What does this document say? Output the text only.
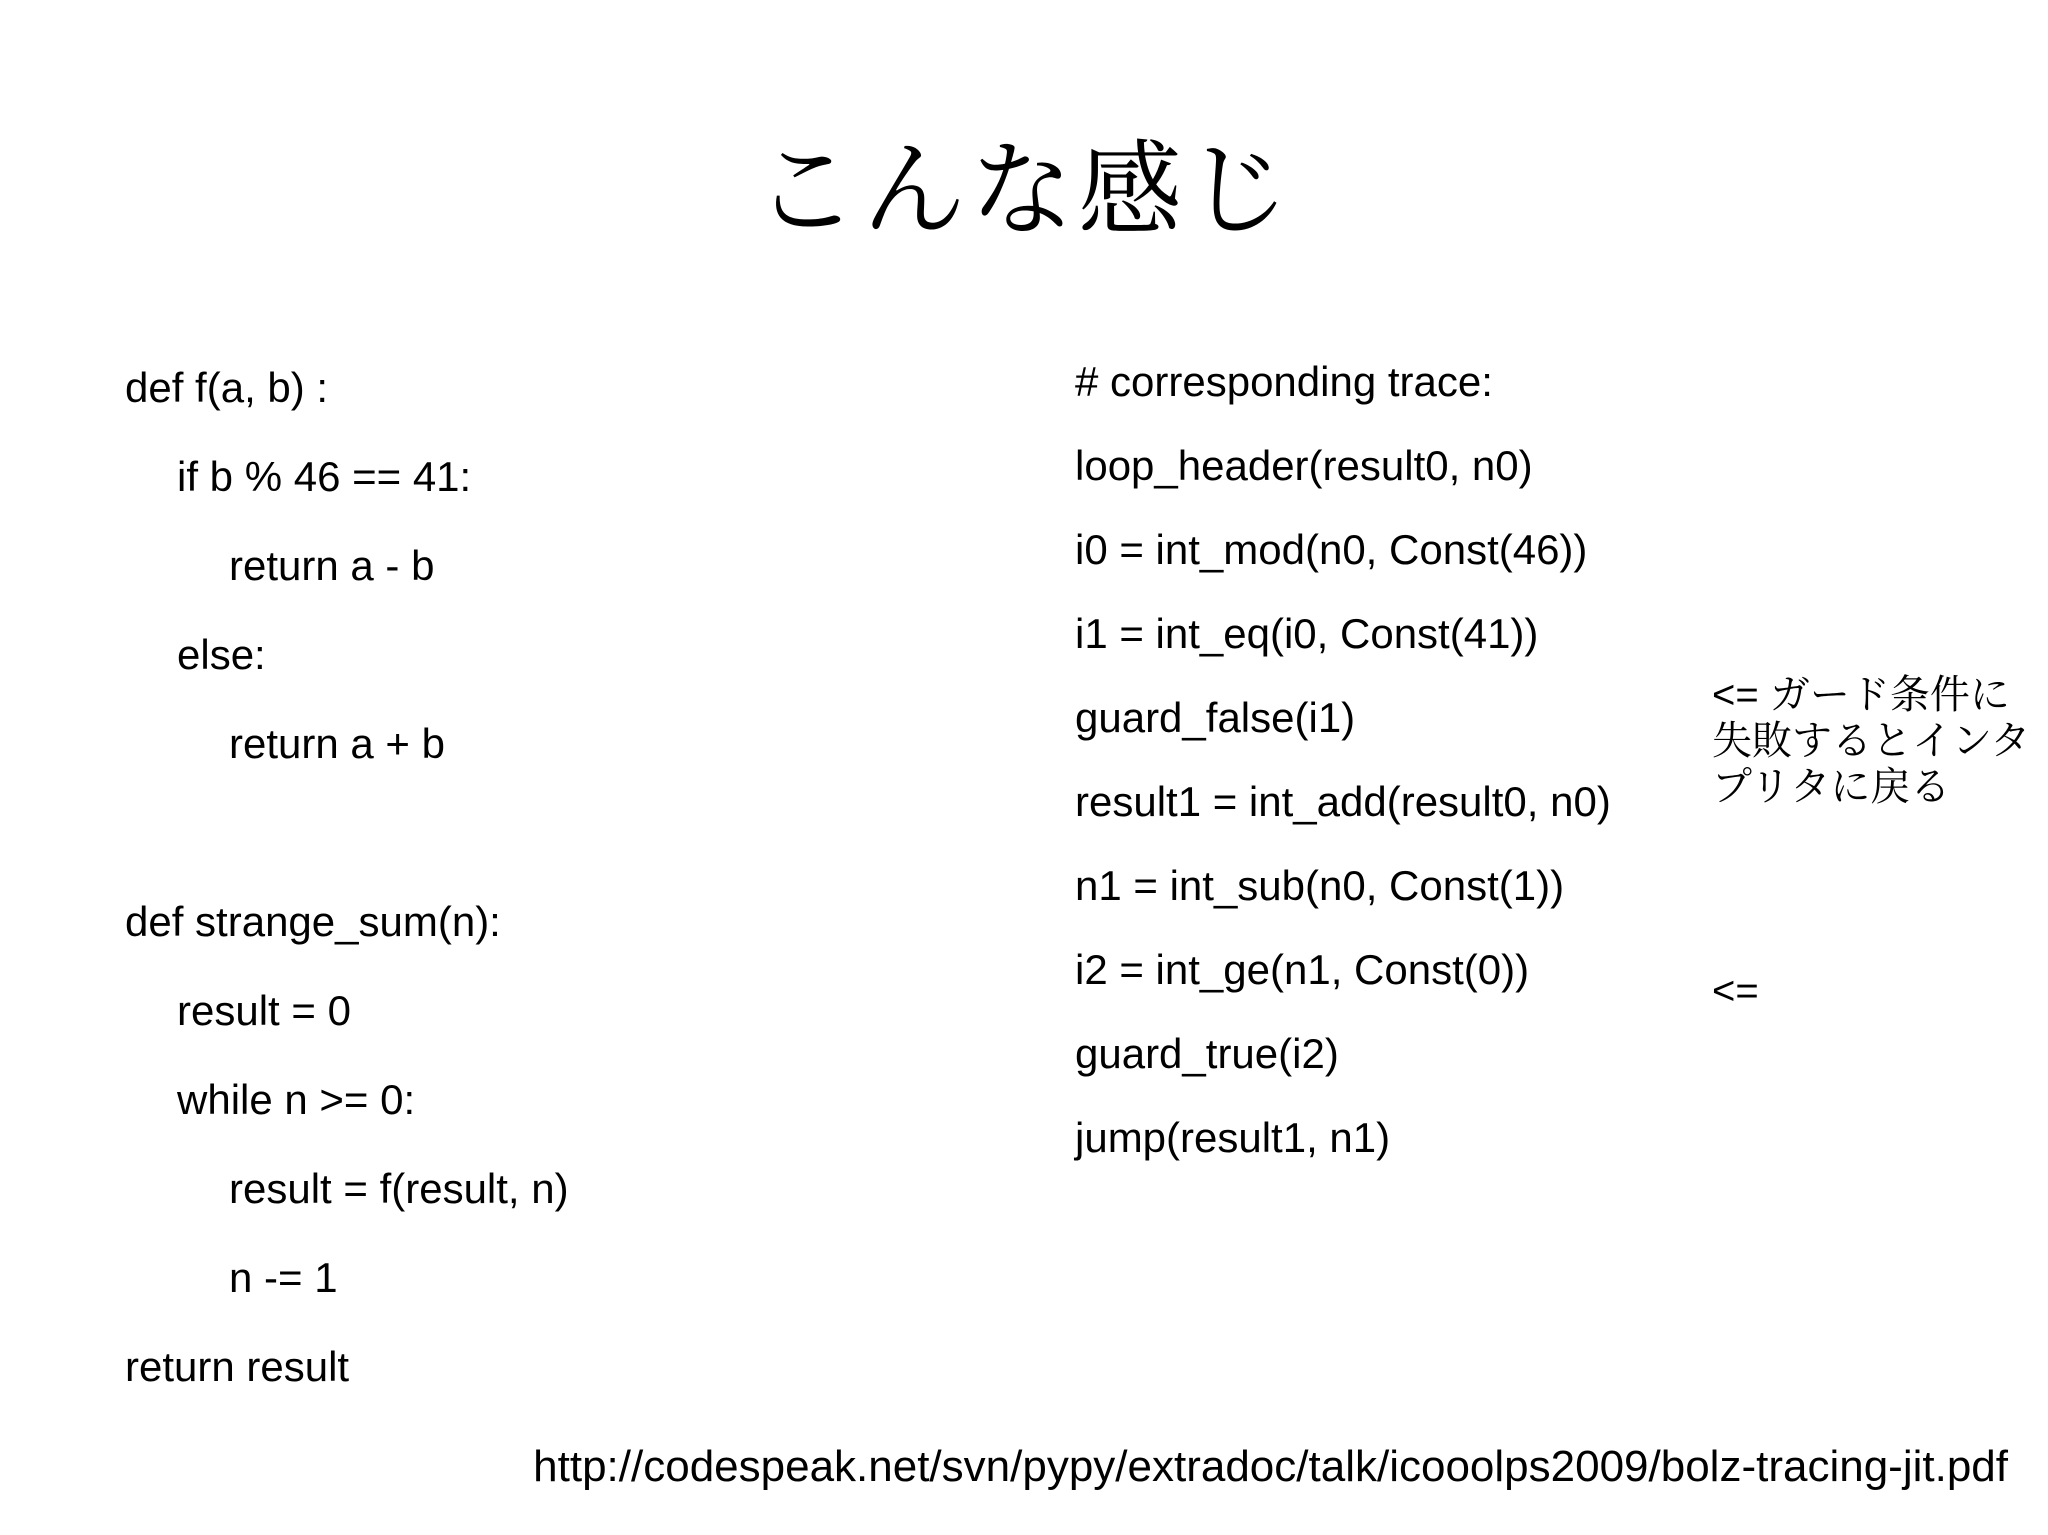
こんな感じ
def f(a, b) :
if b % 46 == 41:
return a - b
else:
return a + b
def strange_sum(n):
result = 0
while n >= 0:
result = f(result, n)
n -= 1
return result
# corresponding trace:
loop_header(result0, n0)
i0 = int_mod(n0, Const(46))
i1 = int_eq(i0, Const(41))
guard_false(i1)
result1 = int_add(result0, n0)
n1 = int_sub(n0, Const(1))
i2 = int_ge(n1, Const(0))
guard_true(i2)
jump(result1, n1)
<= ガード条件に失敗するとインタプリタに戻る
<=
http://codespeak.net/svn/pypy/extradoc/talk/icooolps2009/bolz-tracing-jit.pdf
